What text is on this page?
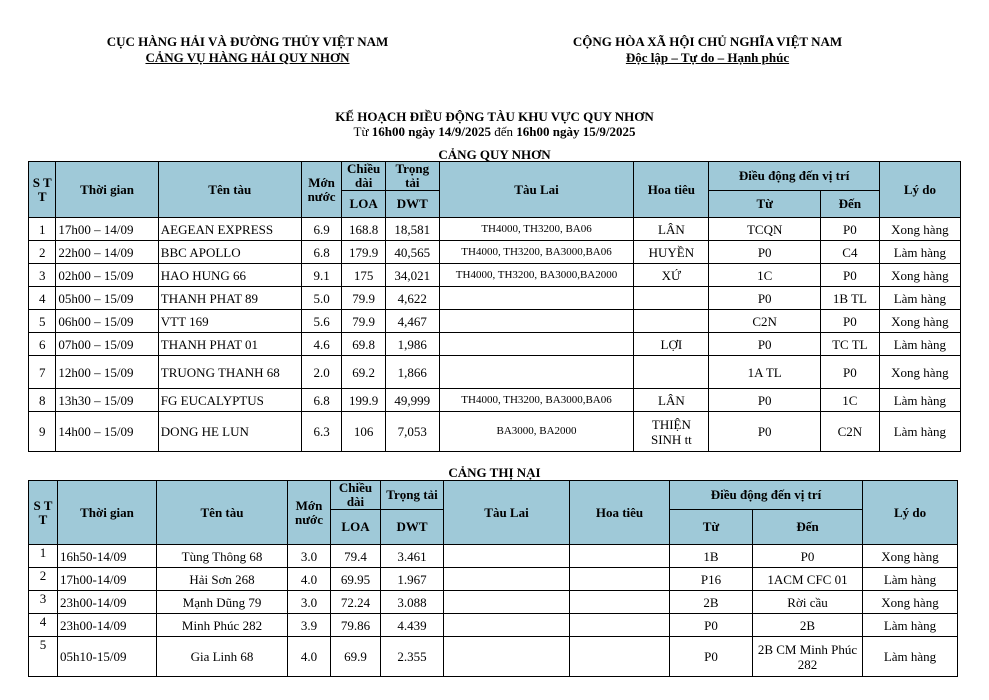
CỤC HÀNG HẢI VÀ ĐƯỜNG THỦY VIỆT NAM
CẢNG VỤ HÀNG HẢI QUY NHƠN
CỘNG HÒA XÃ HỘI CHỦ NGHĨA VIỆT NAM
Độc lập – Tự do – Hạnh phúc
KẾ HOẠCH ĐIỀU ĐỘNG TÀU KHU VỰC QUY NHƠN
Từ 16h00 ngày 14/9/2025 đến 16h00 ngày 15/9/2025
CẢNG QUY NHƠN
S T T	Thời gian	Tên tàu	Mớn nước	Chiều dài	Trọng tải	Tàu Lai	Hoa tiêu	Điều động đến vị trí		Lý do
				LOA	DWT			Từ	Đến	
1	17h00 – 14/09	AEGEAN EXPRESS	6.9	168.8	18,581	TH4000, TH3200, BA06	LÂN	TCQN	P0	Xong hàng
2	22h00 – 14/09	BBC APOLLO	6.8	179.9	40,565	TH4000, TH3200, BA3000,BA06	HUYỀN	P0	C4	Làm hàng
3	02h00 – 15/09	HAO HUNG 66	9.1	175	34,021	TH4000, TH3200, BA3000,BA2000	XỨ	1C	P0	Xong hàng
4	05h00 – 15/09	THANH PHAT 89	5.0	79.9	4,622			P0	1B TL	Làm hàng
5	06h00 – 15/09	VTT 169	5.6	79.9	4,467			C2N	P0	Xong hàng
6	07h00 – 15/09	THANH PHAT 01	4.6	69.8	1,986		LỢI	P0	TC TL	Làm hàng
7	12h00 – 15/09	TRUONG THANH 68	2.0	69.2	1,866			1A TL	P0	Xong hàng
8	13h30 – 15/09	FG EUCALYPTUS	6.8	199.9	49,999	TH4000, TH3200, BA3000,BA06	LÂN	P0	1C	Làm hàng
9	14h00 – 15/09	DONG HE LUN	6.3	106	7,053	BA3000, BA2000	THIỆN SINH tt	P0	C2N	Làm hàng
CẢNG THỊ NẠI
S T T	Thời gian	Tên tàu	Mớn nước	Chiều dài	Trọng tải	Tàu Lai	Hoa tiêu	Điều động đến vị trí		Lý do
				LOA	DWT			Từ	Đến	
1	16h50-14/09	Tùng Thông 68	3.0	79.4	3.461			1B	P0	Xong hàng
2	17h00-14/09	Hải Sơn 268	4.0	69.95	1.967			P16	1ACM CFC 01	Làm hàng
3	23h00-14/09	Mạnh Dũng 79	3.0	72.24	3.088			2B	Rời cầu	Xong hàng
4	23h00-14/09	Minh Phúc 282	3.9	79.86	4.439			P0	2B	Làm hàng
5	05h10-15/09	Gia Linh 68	4.0	69.9	2.355			P0	2B CM Minh Phúc 282	Làm hàng
